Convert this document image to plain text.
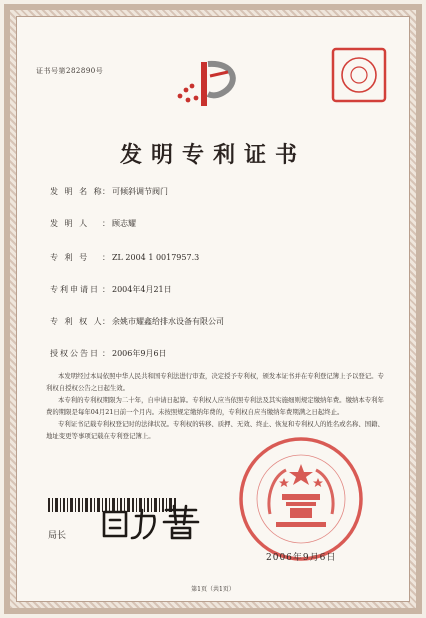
证书号第282890号
发明专利证书
发 明 名 称： 可倾斜调节阀门
发 明 人 ： 顾志耀
专 利 号 ： ZL 2004 1 0017957.3
专利申请日 ： 2004年4月21日
专 利 权 人： 余姚市耀鑫给排水设备有限公司
授权公告日 ： 2006年9月6日

本发明经过本局依照中华人民共和国专利法进行审查，决定授予专利权，颁发本证书并在专利登记簿上予以登记。专利权自授权公告之日起生效。

本专利的专利权期限为二十年，自申请日起算。专利权人应当依照专利法及其实施细则规定缴纳年费。缴纳本专利年费的期限是每年04月21日前一个月内。未按照规定缴纳年费的，专利权自应当缴纳年费期满之日起终止。

专利证书记载专利权登记时的法律状况。专利权的转移、质押、无效、终止、恢复和专利权人的姓名或名称、国籍、地址变更等事项记载在专利登记簿上。

局长
2006年9月6日
第1页（共1页）
